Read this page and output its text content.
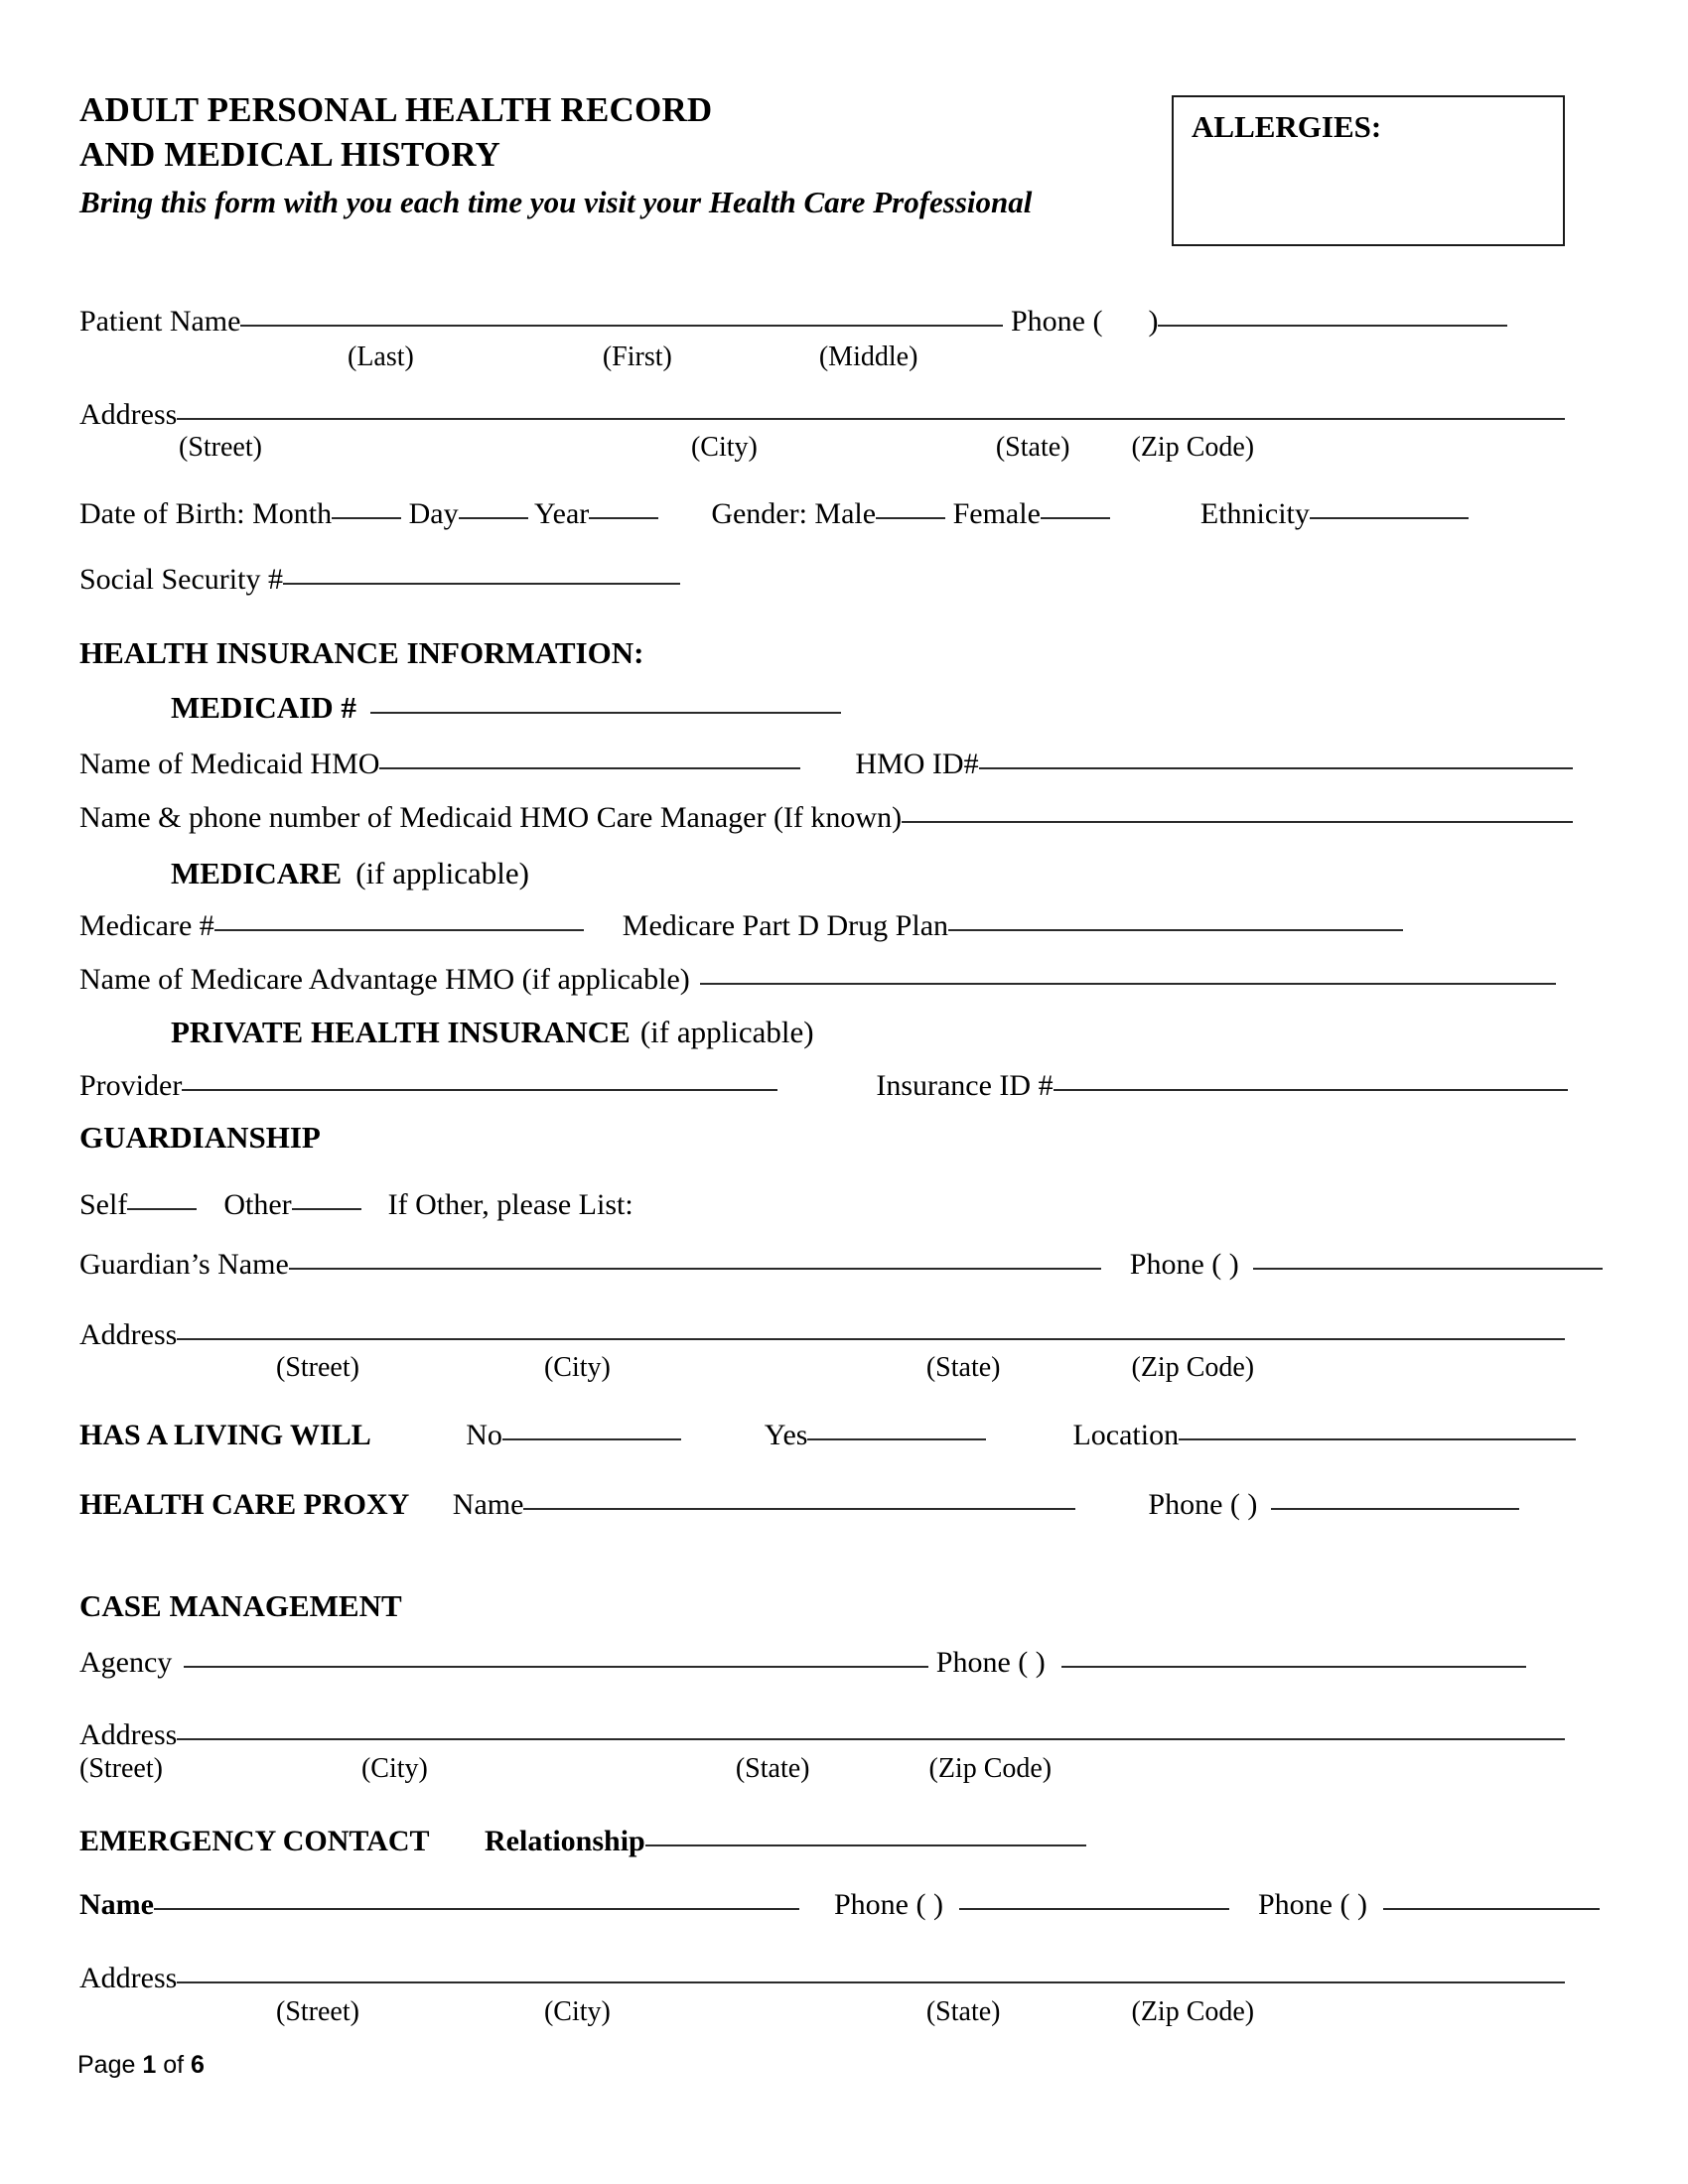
ADULT PERSONAL HEALTH RECORD
AND MEDICAL HISTORY
Bring this form with you each time you visit your Health Care Professional
ALLERGIES:
Patient Name	Phone ( )
(Last)	(First)	(Middle)
Address
(Street)	(City)	(State) (Zip Code)
Date of Birth: Month	Day	Year	Gender: Male	Female	Ethnicity
Social Security #
HEALTH INSURANCE INFORMATION:
MEDICAID #
Name of Medicaid HMO	HMO ID#
Name & phone number of Medicaid HMO Care Manager (If known)
MEDICARE (if applicable)
Medicare #	Medicare Part D Drug Plan
Name of Medicare Advantage HMO (if applicable)
PRIVATE HEALTH INSURANCE (if applicable)
Provider	Insurance ID #
GUARDIANSHIP
Self	Other	If Other, please List:
Guardian’s Name	Phone ( )
Address
(Street)	(City)	(State)	(Zip Code)
HAS A LIVING WILL	No	Yes	Location
HEALTH CARE PROXY Name	Phone ( )
CASE MANAGEMENT
Agency	Phone ( )
Address
(Street)	(City)	(State)	(Zip Code)
EMERGENCY CONTACT Relationship
Name	Phone ( )	Phone ( )
Address
(Street)	(City)	(State)	(Zip Code)
Page 1 of 6
